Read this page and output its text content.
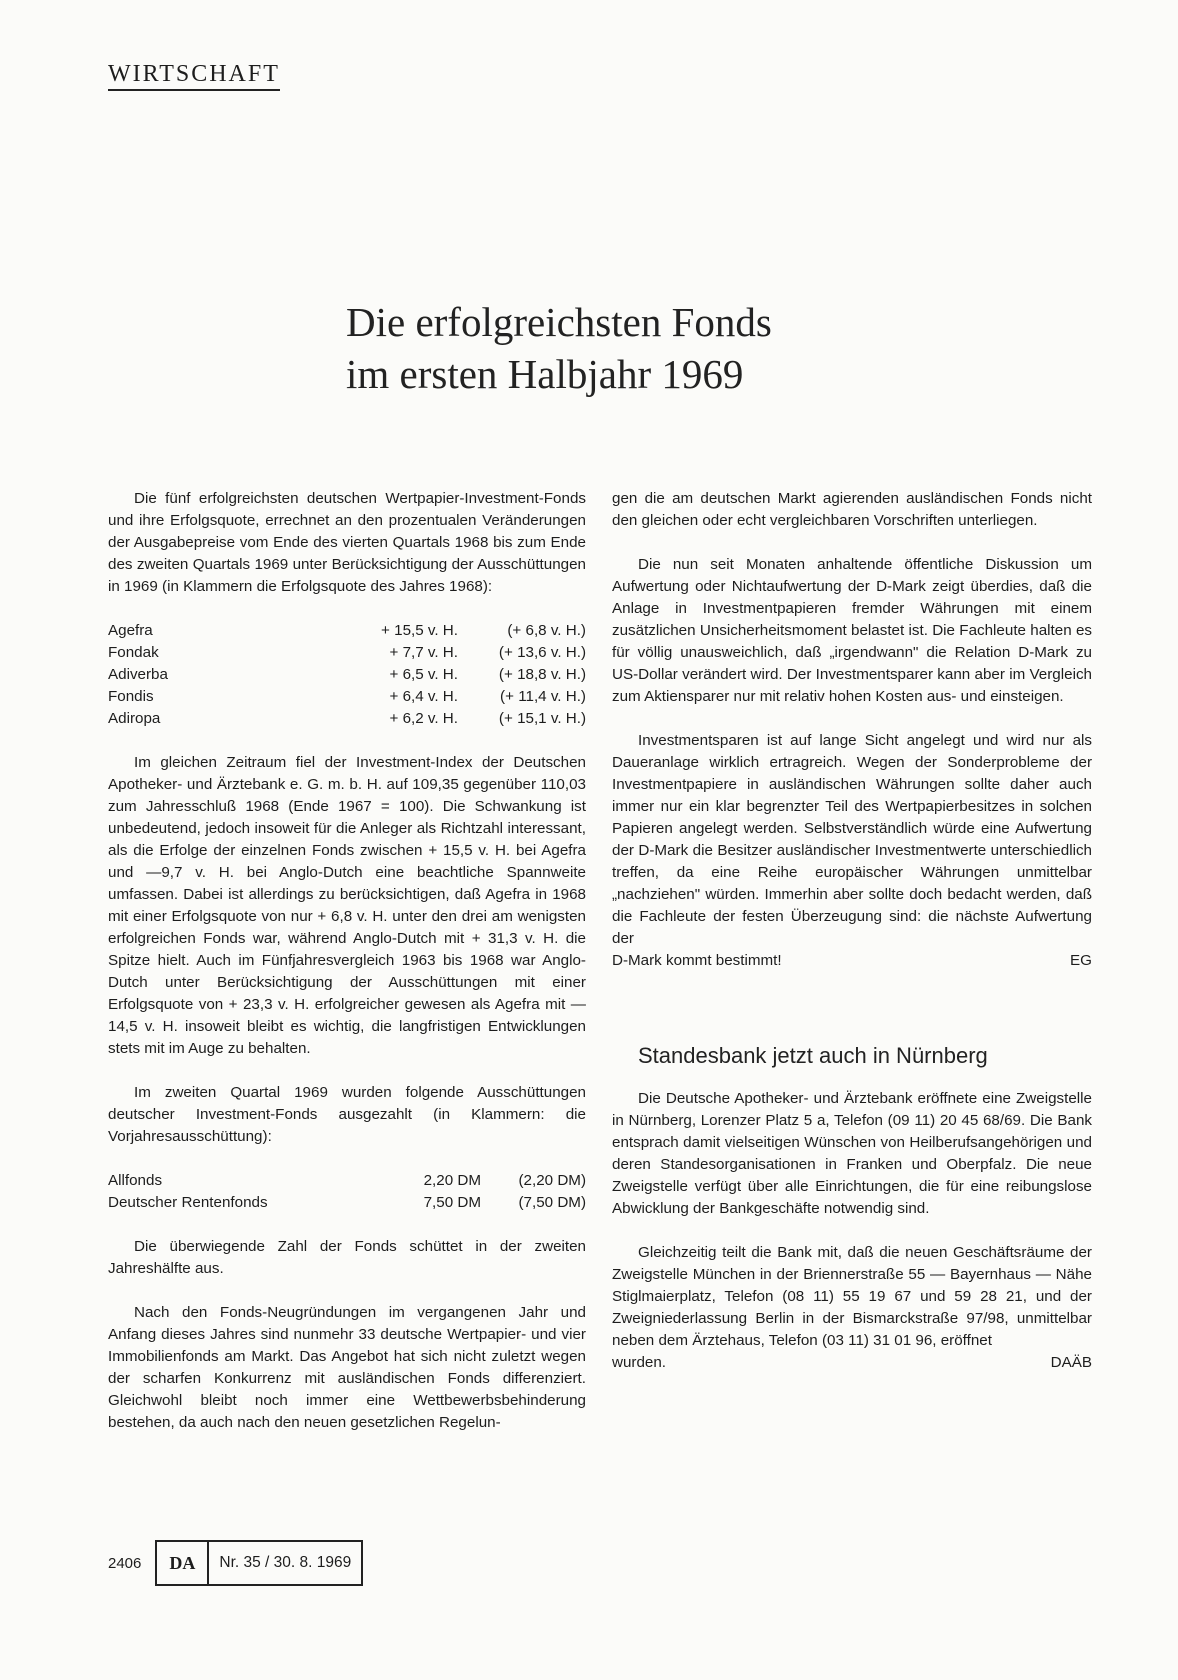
WIRTSCHAFT
Die erfolgreichsten Fonds
im ersten Halbjahr 1969

Die fünf erfolgreichsten deutschen Wertpapier-Investment-Fonds und ihre Erfolgsquote, errechnet an den prozentualen Veränderungen der Ausgabepreise vom Ende des vierten Quartals 1968 bis zum Ende des zweiten Quartals 1969 unter Berücksichtigung der Ausschüttungen in 1969 (in Klammern die Erfolgsquote des Jahres 1968):

Agefra	+ 15,5 v. H.	(+ 6,8 v. H.)
Fondak	+ 7,7 v. H.	(+ 13,6 v. H.)
Adiverba	+ 6,5 v. H.	(+ 18,8 v. H.)
Fondis	+ 6,4 v. H.	(+ 11,4 v. H.)
Adiropa	+ 6,2 v. H.	(+ 15,1 v. H.)

Im gleichen Zeitraum fiel der Investment-Index der Deutschen Apotheker- und Ärztebank e. G. m. b. H. auf 109,35 gegenüber 110,03 zum Jahresschluß 1968 (Ende 1967 = 100). Die Schwankung ist unbedeutend, jedoch insoweit für die Anleger als Richtzahl interessant, als die Erfolge der einzelnen Fonds zwischen + 15,5 v. H. bei Agefra und —9,7 v. H. bei Anglo-Dutch eine beachtliche Spannweite umfassen. Dabei ist allerdings zu berücksichtigen, daß Agefra in 1968 mit einer Erfolgsquote von nur + 6,8 v. H. unter den drei am wenigsten erfolgreichen Fonds war, während Anglo-Dutch mit + 31,3 v. H. die Spitze hielt. Auch im Fünfjahresvergleich 1963 bis 1968 war Anglo-Dutch unter Berücksichtigung der Ausschüttungen mit einer Erfolgsquote von + 23,3 v. H. erfolgreicher gewesen als Agefra mit — 14,5 v. H. insoweit bleibt es wichtig, die langfristigen Entwicklungen stets mit im Auge zu behalten.

Im zweiten Quartal 1969 wurden folgende Ausschüttungen deutscher Investment-Fonds ausgezahlt (in Klammern: die Vorjahresausschüttung):

Allfonds	2,20 DM	(2,20 DM)
Deutscher Rentenfonds	7,50 DM	(7,50 DM)

Die überwiegende Zahl der Fonds schüttet in der zweiten Jahreshälfte aus.

Nach den Fonds-Neugründungen im vergangenen Jahr und Anfang dieses Jahres sind nunmehr 33 deutsche Wertpapier- und vier Immobilienfonds am Markt. Das Angebot hat sich nicht zuletzt wegen der scharfen Konkurrenz mit ausländischen Fonds differenziert. Gleichwohl bleibt noch immer eine Wettbewerbsbehinderung bestehen, da auch nach den neuen gesetzlichen Regelun-

gen die am deutschen Markt agierenden ausländischen Fonds nicht den gleichen oder echt vergleichbaren Vorschriften unterliegen.

Die nun seit Monaten anhaltende öffentliche Diskussion um Aufwertung oder Nichtaufwertung der D-Mark zeigt überdies, daß die Anlage in Investmentpapieren fremder Währungen mit einem zusätzlichen Unsicherheitsmoment belastet ist. Die Fachleute halten es für völlig unausweichlich, daß „irgendwann" die Relation D-Mark zu US-Dollar verändert wird. Der Investmentsparer kann aber im Vergleich zum Aktiensparer nur mit relativ hohen Kosten aus- und einsteigen.

Investmentsparen ist auf lange Sicht angelegt und wird nur als Daueranlage wirklich ertragreich. Wegen der Sonderprobleme der Investmentpapiere in ausländischen Währungen sollte daher auch immer nur ein klar begrenzter Teil des Wertpapierbesitzes in solchen Papieren angelegt werden. Selbstverständlich würde eine Aufwertung der D-Mark die Besitzer ausländischer Investmentwerte unterschiedlich treffen, da eine Reihe europäischer Währungen unmittelbar „nachziehen" würden. Immerhin aber sollte doch bedacht werden, daß die Fachleute der festen Überzeugung sind: die nächste Aufwertung der

D-Mark kommt bestimmt!	EG

Standesbank jetzt auch in Nürnberg

Die Deutsche Apotheker- und Ärztebank eröffnete eine Zweigstelle in Nürnberg, Lorenzer Platz 5 a, Telefon (09 11) 20 45 68/69. Die Bank entsprach damit vielseitigen Wünschen von Heilberufsangehörigen und deren Standesorganisationen in Franken und Oberpfalz. Die neue Zweigstelle verfügt über alle Einrichtungen, die für eine reibungslose Abwicklung der Bankgeschäfte notwendig sind.

Gleichzeitig teilt die Bank mit, daß die neuen Geschäftsräume der Zweigstelle München in der Briennerstraße 55 — Bayernhaus — Nähe Stiglmaierplatz, Telefon (08 11) 55 19 67 und 59 28 21, und der Zweigniederlassung Berlin in der Bismarckstraße 97/98, unmittelbar neben dem Ärztehaus, Telefon (03 11) 31 01 96, eröffnet

wurden.	DAÄB
2406	DA	Nr. 35 / 30. 8. 1969
